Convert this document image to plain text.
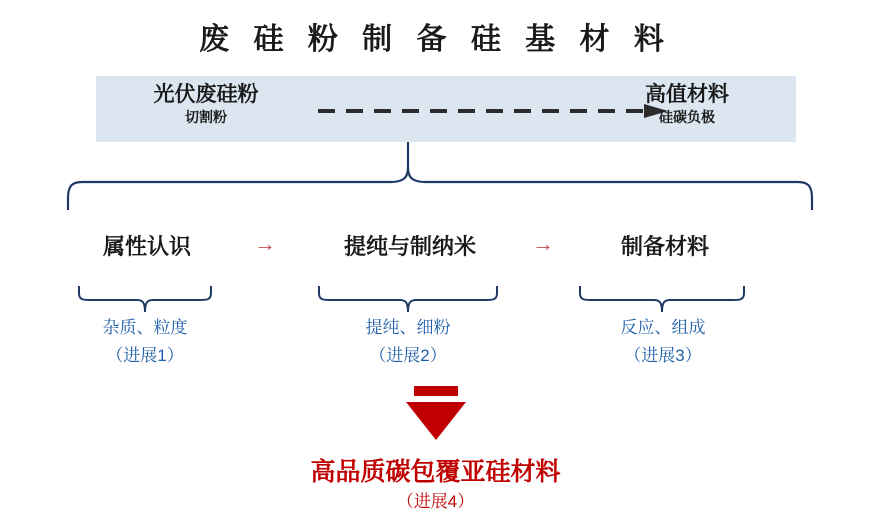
废 硅 粉 制 备 硅 基 材 料
光伏废硅粉
切割粉
高值材料
硅碳负极
属性认识	→	提纯与制纳米	→	制备材料
杂质、粒度
（进展1）
提纯、细粉
（进展2）
反应、组成
（进展3）
高品质碳包覆亚硅材料
（进展4）
